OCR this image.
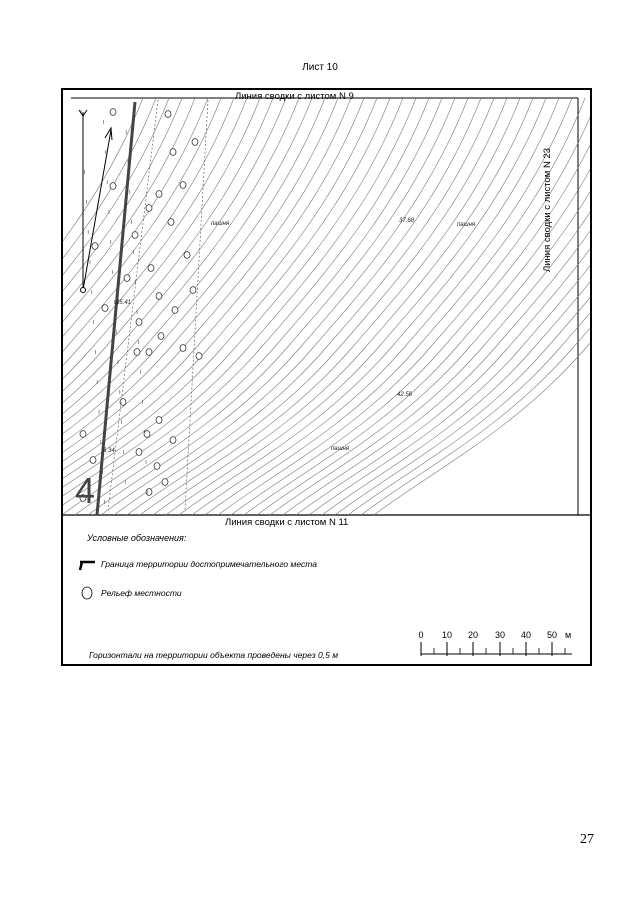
Лист 10
Линия сводки с листом N 9
Линия сводки с листом N 11
Линия сводки с листом N 23
пашня	пашня
пашня
37.68
35.41
42.56
6.34
4
Условные обозначения:
Граница территории достопримечательного места
Рельеф местности
0 10 20 30 40 50 м
Горизонтали на территории объекта проведены через 0,5 м
27
